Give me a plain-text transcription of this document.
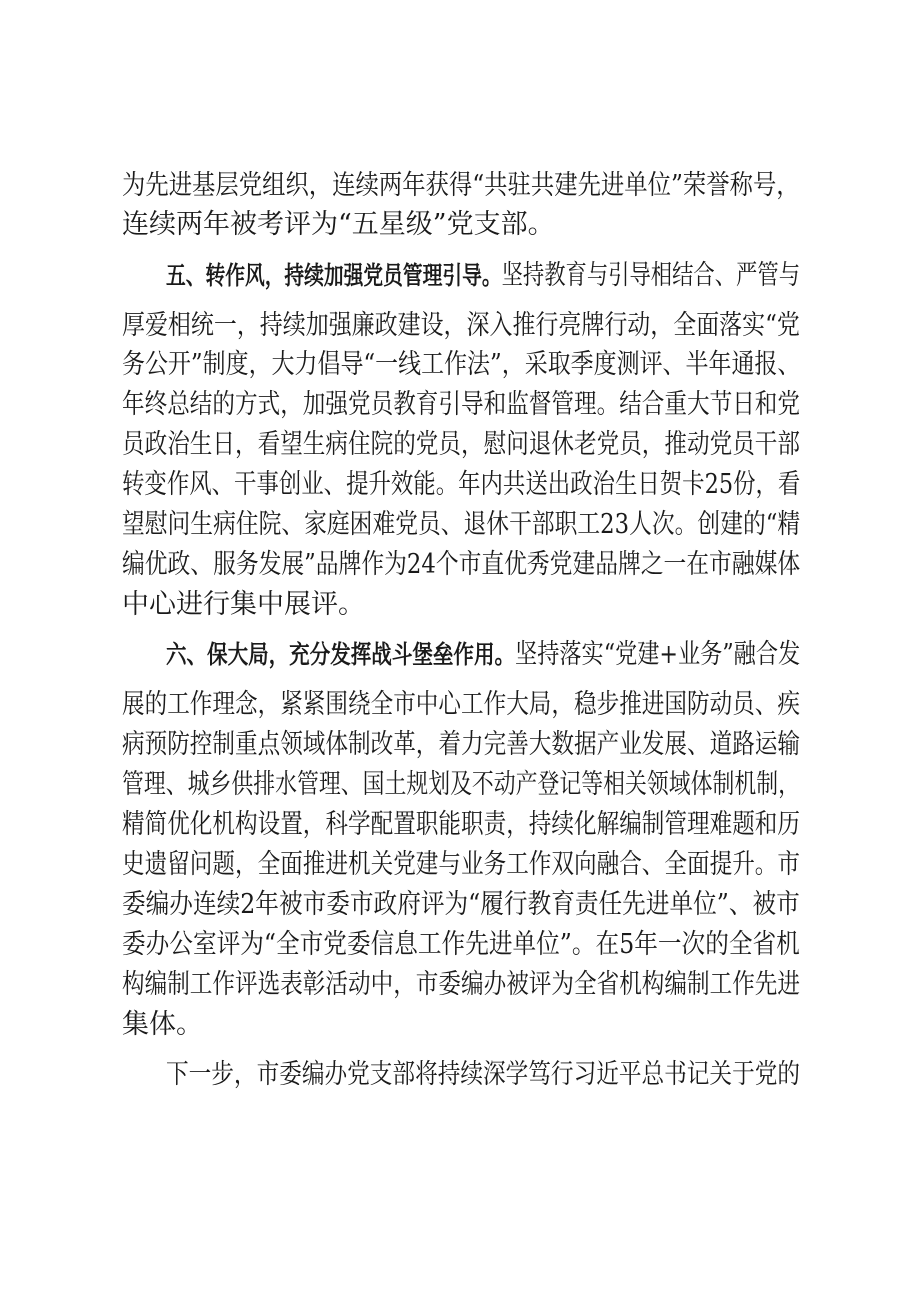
为先进基层党组织，连续两年获得“共驻共建先进单位”荣誉称号，

连续两年被考评为“五星级”党支部。

五、转作风，持续加强党员管理引导。坚持教育与引导相结合、严管与

厚爱相统一，持续加强廉政建设，深入推行亮牌行动，全面落实“党

务公开”制度，大力倡导“一线工作法”，采取季度测评、半年通报、

年终总结的方式，加强党员教育引导和监督管理。结合重大节日和党

员政治生日，看望生病住院的党员，慰问退休老党员，推动党员干部

转变作风、干事创业、提升效能。年内共送出政治生日贺卡25份，看

望慰问生病住院、家庭困难党员、退休干部职工23人次。创建的“精

编优政、服务发展”品牌作为24个市直优秀党建品牌之一在市融媒体

中心进行集中展评。

六、保大局，充分发挥战斗堡垒作用。坚持落实“党建+业务”融合发

展的工作理念，紧紧围绕全市中心工作大局，稳步推进国防动员、疾

病预防控制重点领域体制改革，着力完善大数据产业发展、道路运输

管理、城乡供排水管理、国土规划及不动产登记等相关领域体制机制，

精简优化机构设置，科学配置职能职责，持续化解编制管理难题和历

史遗留问题，全面推进机关党建与业务工作双向融合、全面提升。市

委编办连续2年被市委市政府评为“履行教育责任先进单位”、被市

委办公室评为“全市党委信息工作先进单位”。在5年一次的全省机

构编制工作评选表彰活动中，市委编办被评为全省机构编制工作先进

集体。

下一步，市委编办党支部将持续深学笃行习近平总书记关于党的
